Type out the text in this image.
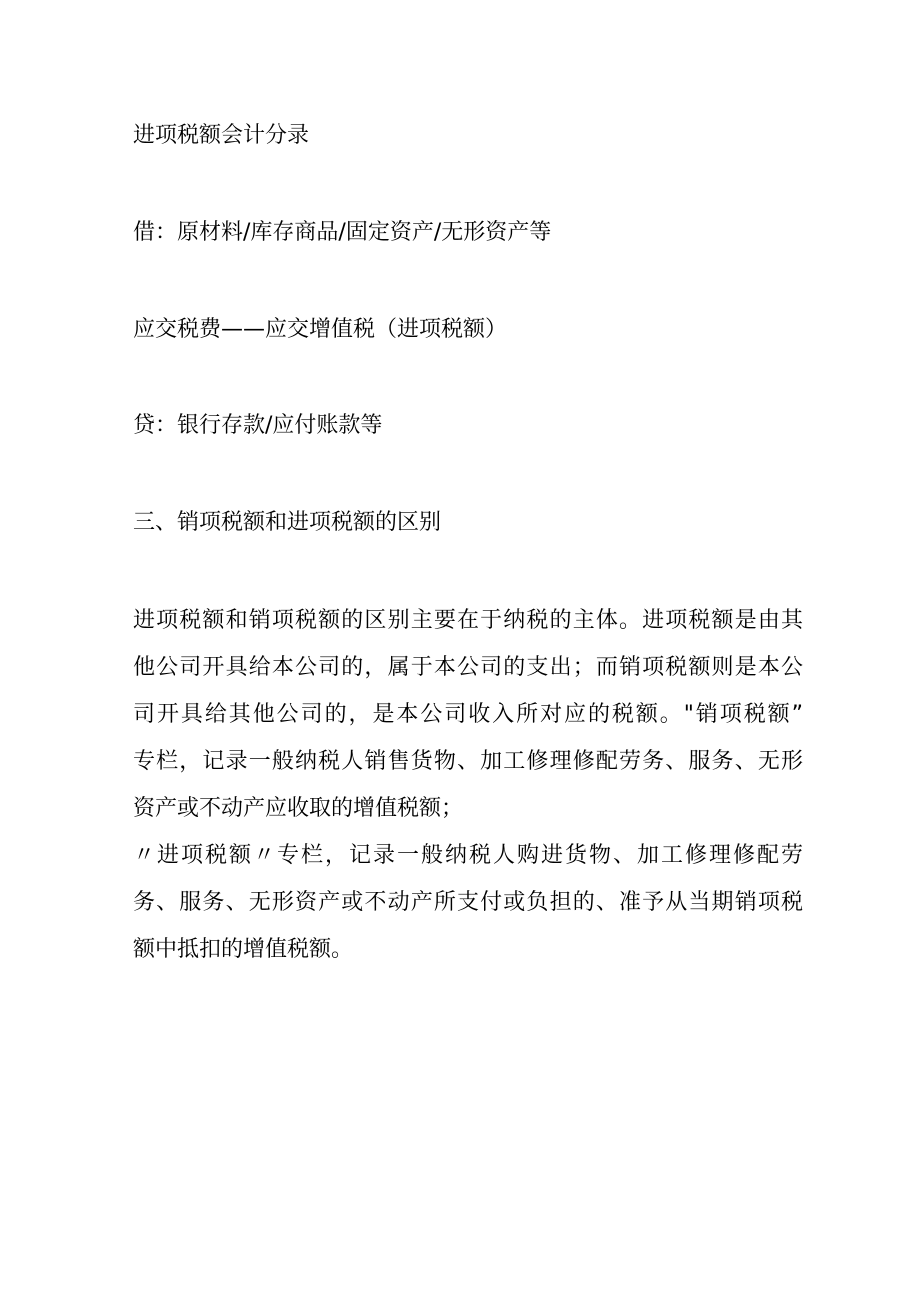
进项税额会计分录

借：原材料/库存商品/固定资产/无形资产等

应交税费——应交增值税（进项税额）

贷：银行存款/应付账款等

三、销项税额和进项税额的区别

进项税额和销项税额的区别主要在于纳税的主体。进项税额是由其
他公司开具给本公司的，属于本公司的支出；而销项税额则是本公
司开具给其他公司的，是本公司收入所对应的税额。"销项税额”
专栏，记录一般纳税人销售货物、加工修理修配劳务、服务、无形
资产或不动产应收取的增值税额；
〃进项税额〃专栏，记录一般纳税人购进货物、加工修理修配劳
务、服务、无形资产或不动产所支付或负担的、准予从当期销项税
额中抵扣的增值税额。
